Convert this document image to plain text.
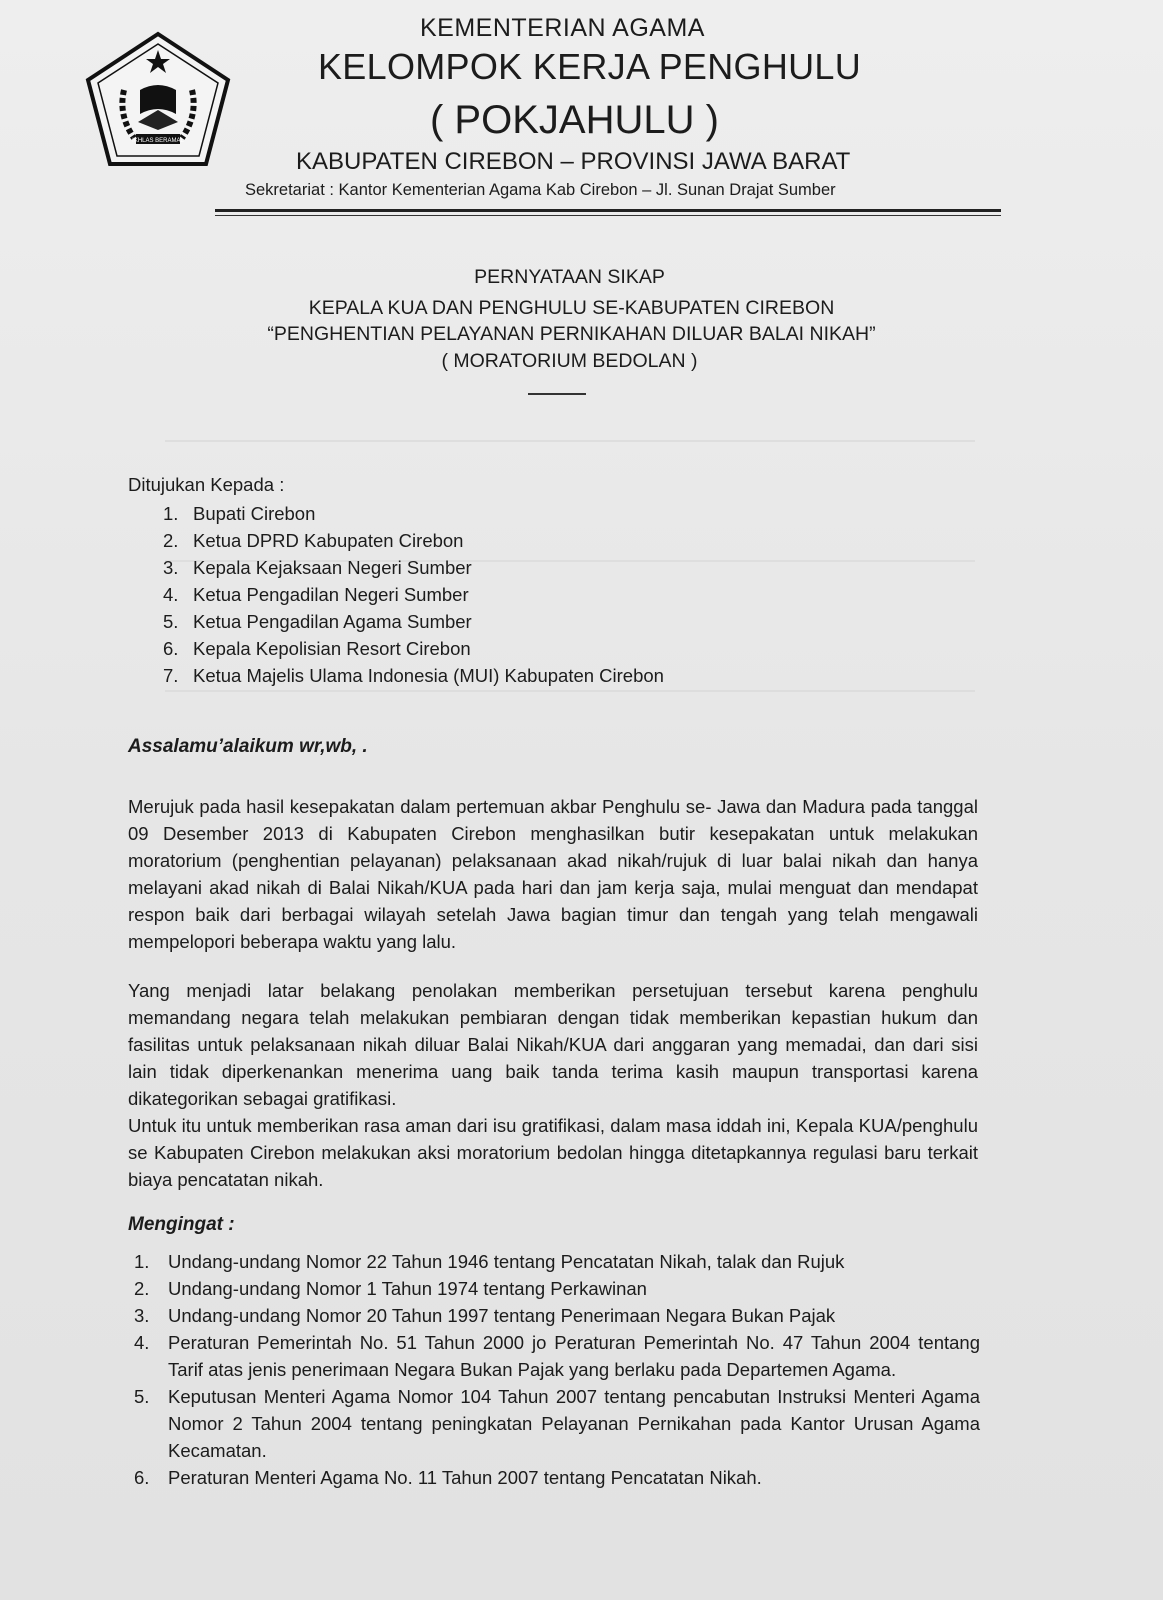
IKHLAS BERAMAL
KEMENTERIAN AGAMA
KELOMPOK KERJA PENGHULU
( POKJAHULU )
KABUPATEN CIREBON – PROVINSI JAWA BARAT
Sekretariat : Kantor Kementerian Agama Kab Cirebon – Jl. Sunan Drajat Sumber
PERNYATAAN SIKAP
KEPALA KUA DAN PENGHULU SE-KABUPATEN CIREBON
“PENGHENTIAN PELAYANAN PERNIKAHAN DILUAR BALAI NIKAH”
( MORATORIUM BEDOLAN )
Ditujukan Kepada :
1. Bupati Cirebon
2. Ketua DPRD Kabupaten Cirebon
3. Kepala Kejaksaan Negeri Sumber
4. Ketua Pengadilan Negeri Sumber
5. Ketua Pengadilan Agama Sumber
6. Kepala Kepolisian Resort Cirebon
7. Ketua Majelis Ulama Indonesia (MUI) Kabupaten Cirebon
Assalamu’alaikum wr,wb, .

Merujuk pada hasil kesepakatan dalam pertemuan akbar Penghulu se- Jawa dan Madura pada tanggal 09 Desember 2013 di Kabupaten Cirebon menghasilkan butir kesepakatan untuk melakukan moratorium (penghentian pelayanan) pelaksanaan akad nikah/rujuk di luar balai nikah dan hanya melayani akad nikah di Balai Nikah/KUA pada hari dan jam kerja saja, mulai menguat dan mendapat respon baik dari berbagai wilayah setelah Jawa bagian timur dan tengah yang telah mengawali mempelopori beberapa waktu yang lalu.

Yang menjadi latar belakang penolakan memberikan persetujuan tersebut karena penghulu memandang negara telah melakukan pembiaran dengan tidak memberikan kepastian hukum dan fasilitas untuk pelaksanaan nikah diluar Balai Nikah/KUA dari anggaran yang memadai, dan dari sisi lain tidak diperkenankan menerima uang baik tanda terima kasih maupun transportasi karena dikategorikan sebagai gratifikasi.

Untuk itu untuk memberikan rasa aman dari isu gratifikasi, dalam masa iddah ini, Kepala KUA/penghulu se Kabupaten Cirebon melakukan aksi moratorium bedolan hingga ditetapkannya regulasi baru terkait biaya pencatatan nikah.

Mengingat :
1. Undang-undang Nomor 22 Tahun 1946 tentang Pencatatan Nikah, talak dan Rujuk
2. Undang-undang Nomor 1 Tahun 1974 tentang Perkawinan
3. Undang-undang Nomor 20 Tahun 1997 tentang Penerimaan Negara Bukan Pajak
4. Peraturan Pemerintah No. 51 Tahun 2000 jo Peraturan Pemerintah No. 47 Tahun 2004 tentang Tarif atas jenis penerimaan Negara Bukan Pajak yang berlaku pada Departemen Agama.
5. Keputusan Menteri Agama Nomor 104 Tahun 2007 tentang pencabutan Instruksi Menteri Agama Nomor 2 Tahun 2004 tentang peningkatan Pelayanan Pernikahan pada Kantor Urusan Agama Kecamatan.
6. Peraturan Menteri Agama No. 11 Tahun 2007 tentang Pencatatan Nikah.
